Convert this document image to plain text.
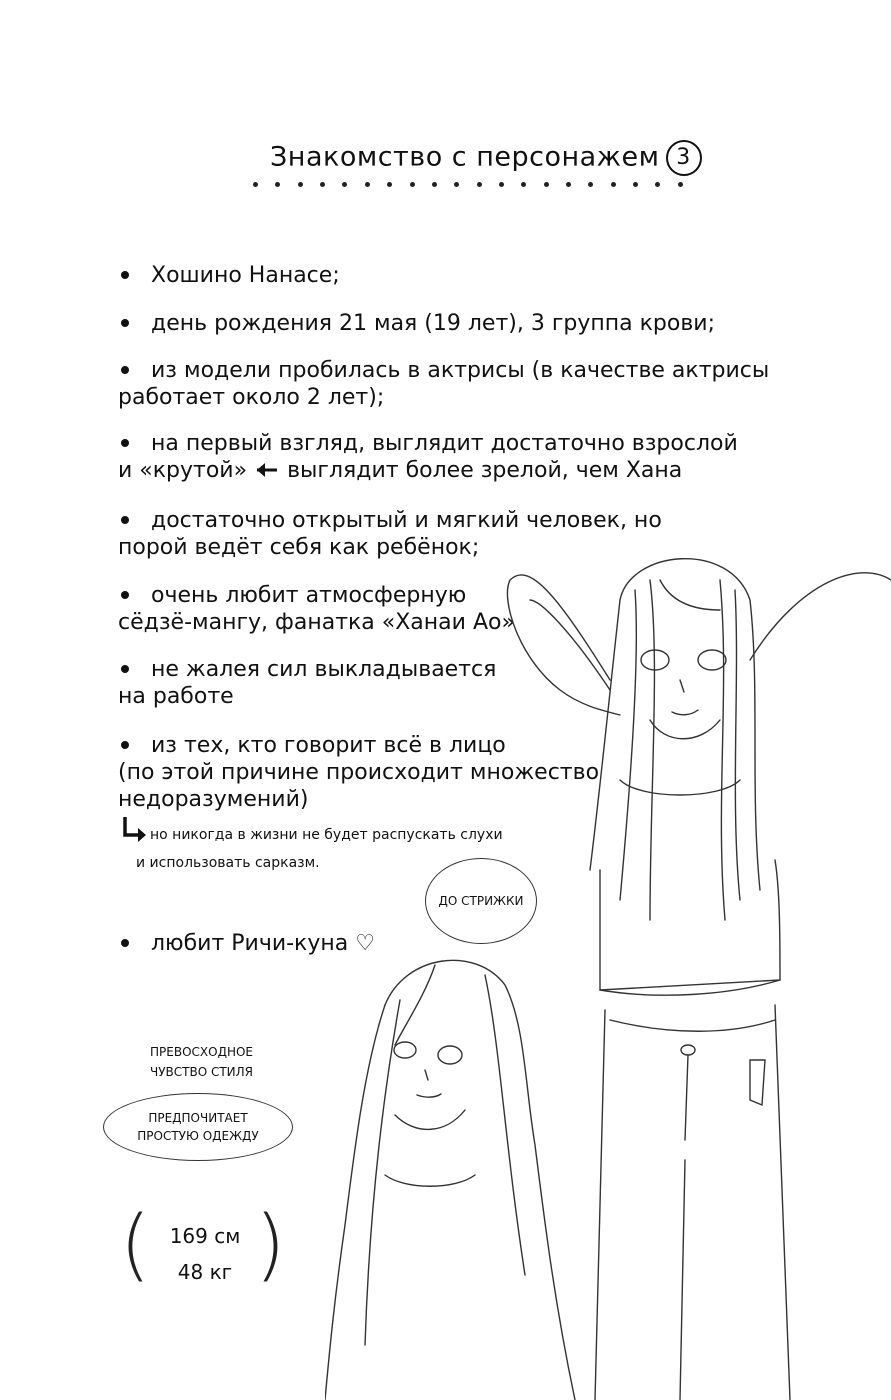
Знакомство с персонажем 3
Хошино Нанасе;
день рождения 21 мая (19 лет), 3 группа крови;
из модели пробилась в актрисы (в качестве актрисы
работает около 2 лет);
на первый взгляд, выглядит достаточно взрослой
и «крутой» выглядит более зрелой, чем Хана
достаточно открытый и мягкий человек, но
порой ведёт себя как ребёнок;
очень любит атмосферную
сёдзё-мангу, фанатка «Ханаи Ао»
не жалея сил выкладывается
на работе
из тех, кто говорит всё в лицо
(по этой причине происходит множество
недоразумений)
любит Ричи-куна ♡
но никогда в жизни не будет распускать слухи
и использовать сарказм.
ДО СТРИЖКИ
ПРЕВОСХОДНОЕ
ЧУВСТВО СТИЛЯ
ПРЕДПОЧИТАЕТ
ПРОСТУЮ ОДЕЖДУ
( 169 см
48 кг )
